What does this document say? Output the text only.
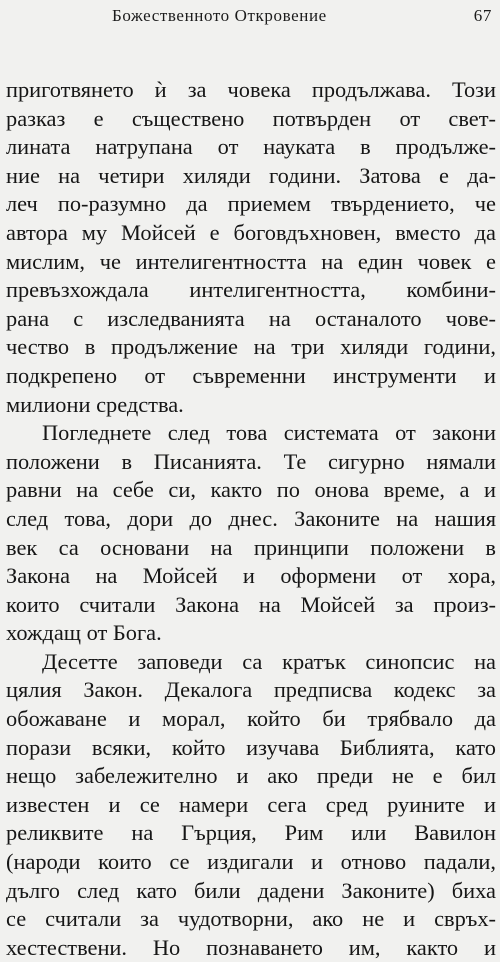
Божественното Откровение	67
приготвянето ѝ за човека продължава. Този
разказ е съществено потвърден от свет-
лината натрупана от науката в продълже-
ние на четири хиляди години. Затова е да-
леч по-разумно да приемем твърдението, че
автора му Мойсей е боговдъхновен, вместо да
мислим, че интелигентността на един човек е
превъзхождала интелигентността, комбини-
рана с изследванията на останалото чове-
чество в продължение на три хиляди години,
подкрепено от съвременни инструменти и
милиони средства.
Погледнете след това системата от закони
положени в Писанията. Те сигурно нямали
равни на себе си, както по онова време, а и
след това, дори до днес. Законите на нашия
век са основани на принципи положени в
Закона на Мойсей и оформени от хора,
които считали Закона на Мойсей за произ-
хождащ от Бога.
Десетте заповеди са кратък синопсис на
цялия Закон. Декалога предписва кодекс за
обожаване и морал, който би трябвало да
порази всяки, който изучава Библията, като
нещо забележително и ако преди не е бил
известен и се намери сега сред руините и
реликвите на Гърция, Рим или Вавилон
(народи които се издигали и отново падали,
дълго след като били дадени Законите) биха
се считали за чудотворни, ако не и свръх-
хестествени. Но познаването им, както и
